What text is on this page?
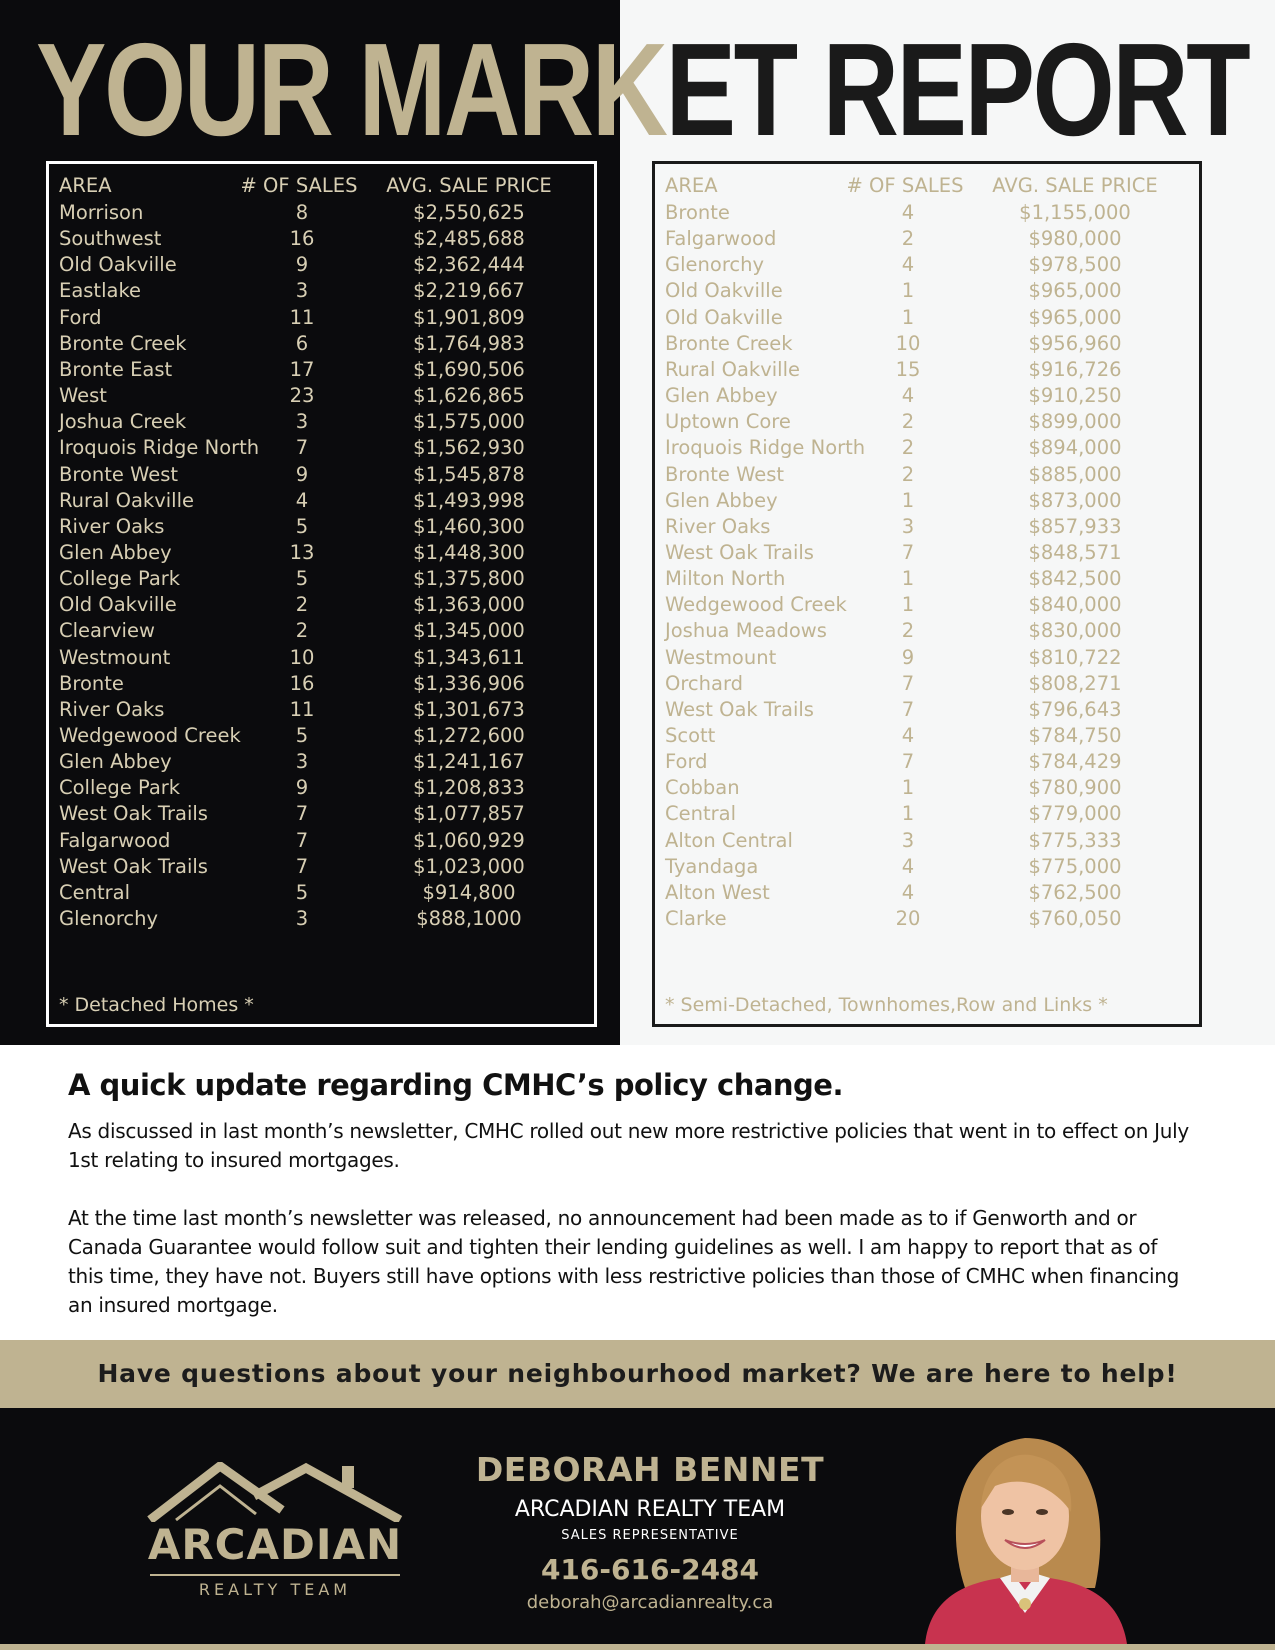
YOUR MARKET REPORT
AREA	# OF SALES	AVG. SALE PRICE
* Detached Homes *
Morrison	8	$2,550,625
Southwest	16	$2,485,688
Old Oakville	9	$2,362,444
Eastlake	3	$2,219,667
Ford	11	$1,901,809
Bronte Creek	6	$1,764,983
Bronte East	17	$1,690,506
West	23	$1,626,865
Joshua Creek	3	$1,575,000
Iroquois Ridge North	7	$1,562,930
Bronte West	9	$1,545,878
Rural Oakville	4	$1,493,998
River Oaks	5	$1,460,300
Glen Abbey	13	$1,448,300
College Park	5	$1,375,800
Old Oakville	2	$1,363,000
Clearview	2	$1,345,000
Westmount	10	$1,343,611
Bronte	16	$1,336,906
River Oaks	11	$1,301,673
Wedgewood Creek	5	$1,272,600
Glen Abbey	3	$1,241,167
College Park	9	$1,208,833
West Oak Trails	7	$1,077,857
Falgarwood	7	$1,060,929
West Oak Trails	7	$1,023,000
Central	5	$914,800
Glenorchy	3	$888,1000
AREA	# OF SALES	AVG. SALE PRICE
* Semi-Detached, Townhomes,Row and Links *
Bronte	4	$1,155,000
Falgarwood	2	$980,000
Glenorchy	4	$978,500
Old Oakville	1	$965,000
Old Oakville	1	$965,000
Bronte Creek	10	$956,960
Rural Oakville	15	$916,726
Glen Abbey	4	$910,250
Uptown Core	2	$899,000
Iroquois Ridge North	2	$894,000
Bronte West	2	$885,000
Glen Abbey	1	$873,000
River Oaks	3	$857,933
West Oak Trails	7	$848,571
Milton North	1	$842,500
Wedgewood Creek	1	$840,000
Joshua Meadows	2	$830,000
Westmount	9	$810,722
Orchard	7	$808,271
West Oak Trails	7	$796,643
Scott	4	$784,750
Ford	7	$784,429
Cobban	1	$780,900
Central	1	$779,000
Alton Central	3	$775,333
Tyandaga	4	$775,000
Alton West	4	$762,500
Clarke	20	$760,050
A quick update regarding CMHC’s policy change.

As discussed in last month’s newsletter, CMHC rolled out new more restrictive policies that went in to effect on July 1st relating to insured mortgages.

At the time last month’s newsletter was released, no announcement had been made as to if Genworth and or Canada Guarantee would follow suit and tighten their lending guidelines as well. I am happy to report that as of this time, they have not. Buyers still have options with less restrictive policies than those of CMHC when financing an insured mortgage.

Have questions about your neighbourhood market? We are here to help!
ARCADIAN
REALTY TEAM
DEBORAH BENNET
ARCADIAN REALTY TEAM
SALES REPRESENTATIVE
416-616-2484
deborah@arcadianrealty.ca
